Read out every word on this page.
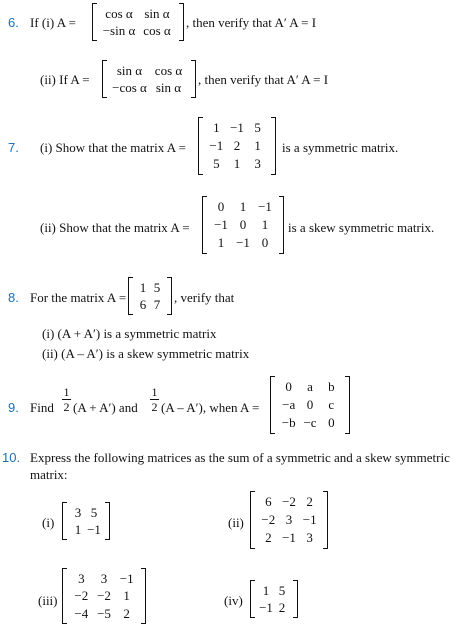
6. If (i) A =
cos α sin α
−sin α cos α
, then verify that A′ A = I
(ii) If A =
sin α cos α
−cos α sin α
, then verify that A′ A = I
7. (i) Show that the matrix A =
1 −1 5
−1 2	1
5	1	3
is a symmetric matrix.
(ii) Show that the matrix A =
0	1 −1
−1 0	1
1 −1 0
is a skew symmetric matrix.
8. For the matrix A =
1 5
6 7 , verify that
(i) (A + A′) is a symmetric matrix
(ii) (A – A′) is a skew symmetric matrix
9. Find
1
2 (A + A′) and
1
2 (A – A′), when A =
0	a	b
−a 0	c
−b −c 0
10. Express the following matrices as the sum of a symmetric and a skew symmetric
matrix:
(i)
3 5
1 −1	(ii)
6 −2 2
−2 3 −1
2 −1 3
(iii)
3	3 −1
−2 −2 1
−4 −5 2
(iv)
1 5
−1 2
